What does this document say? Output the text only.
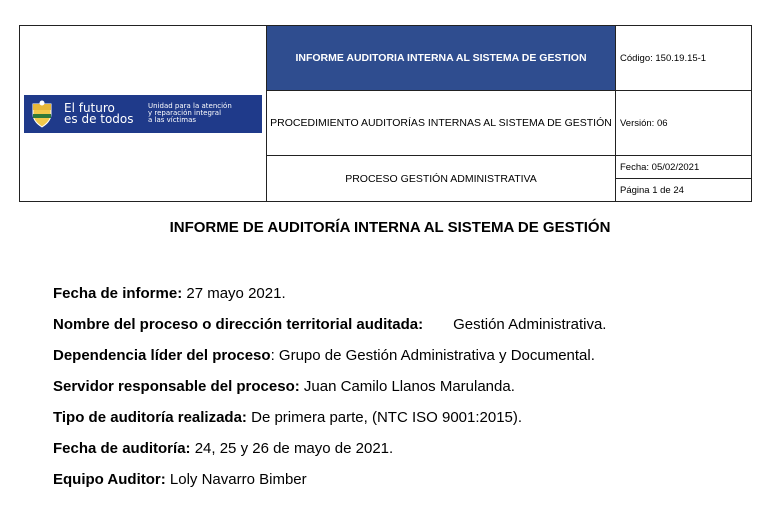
El futuro
es de todos
Unidad para la atención
y reparación integral
a las víctimas	INFORME AUDITORIA INTERNA AL SISTEMA DE GESTION	Código: 150.19.15-1
	PROCEDIMIENTO AUDITORÍAS INTERNAS AL SISTEMA DE GESTIÓN	Versión: 06
	PROCESO GESTIÓN ADMINISTRATIVA	Fecha: 05/02/2021
		Página 1 de 24
INFORME DE AUDITORÍA INTERNA AL SISTEMA DE GESTIÓN
Fecha de informe: 27 mayo 2021.
Nombre del proceso o dirección territorial auditada: Gestión Administrativa.
Dependencia líder del proceso: Grupo de Gestión Administrativa y Documental.
Servidor responsable del proceso: Juan Camilo Llanos Marulanda.
Tipo de auditoría realizada: De primera parte, (NTC ISO 9001:2015).
Fecha de auditoría: 24, 25 y 26 de mayo de 2021.
Equipo Auditor: Loly Navarro Bimber
